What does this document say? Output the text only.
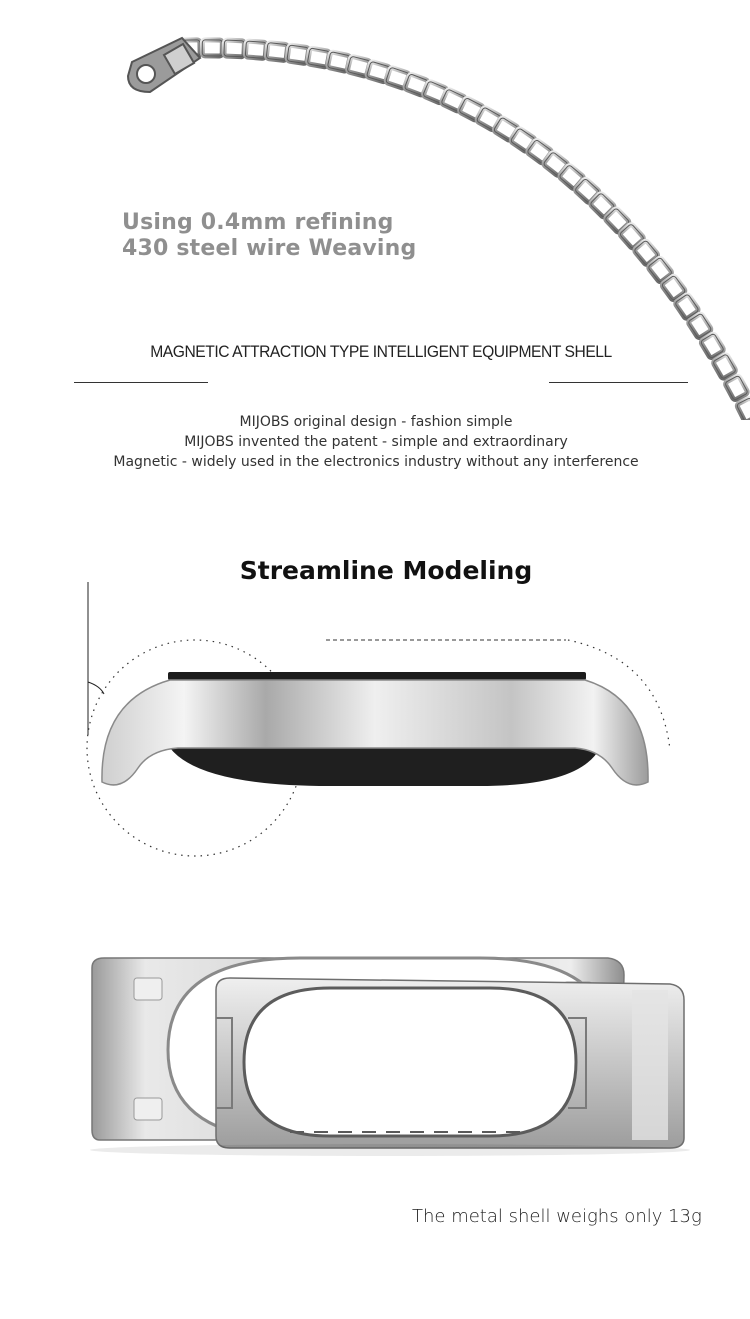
Using 0.4mm refining
430 steel wire Weaving
MAGNETIC ATTRACTION TYPE INTELLIGENT EQUIPMENT SHELL
MIJOBS original design - fashion simple
MIJOBS invented the patent - simple and extraordinary
Magnetic - widely used in the electronics industry without any interference
Streamline Modeling
The metal shell weighs only 13g
